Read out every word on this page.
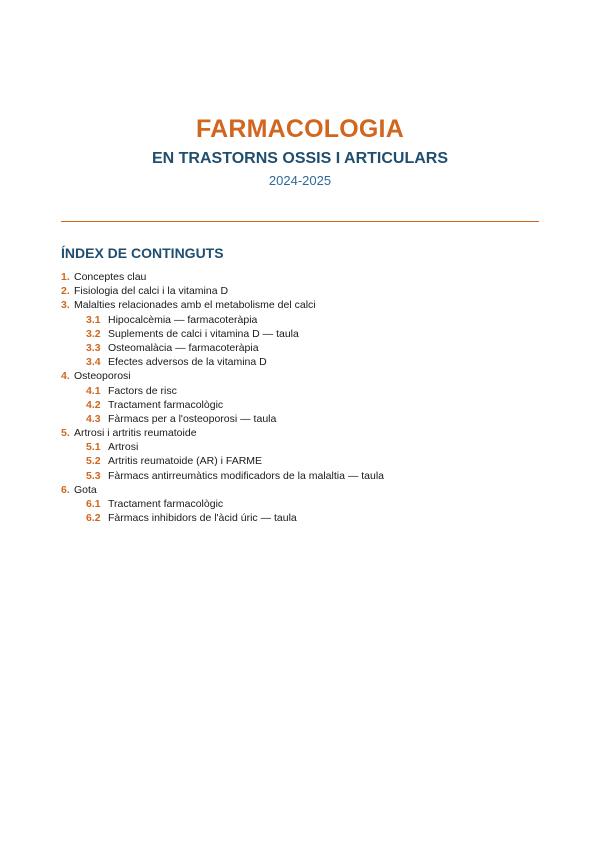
FARMACOLOGIA
EN TRASTORNS OSSIS I ARTICULARS
2024-2025
ÍNDEX DE CONTINGUTS
1. Conceptes clau
2. Fisiologia del calci i la vitamina D
3. Malalties relacionades amb el metabolisme del calci
3.1 Hipocalcèmia — farmacoteràpia
3.2 Suplements de calci i vitamina D — taula
3.3 Osteomalàcia — farmacoteràpia
3.4 Efectes adversos de la vitamina D
4. Osteoporosi
4.1 Factors de risc
4.2 Tractament farmacològic
4.3 Fàrmacs per a l'osteoporosi — taula
5. Artrosi i artritis reumatoide
5.1 Artrosi
5.2 Artritis reumatoide (AR) i FARME
5.3 Fàrmacs antirreumàtics modificadors de la malaltia — taula
6. Gota
6.1 Tractament farmacològic
6.2 Fàrmacs inhibidors de l'àcid úric — taula
